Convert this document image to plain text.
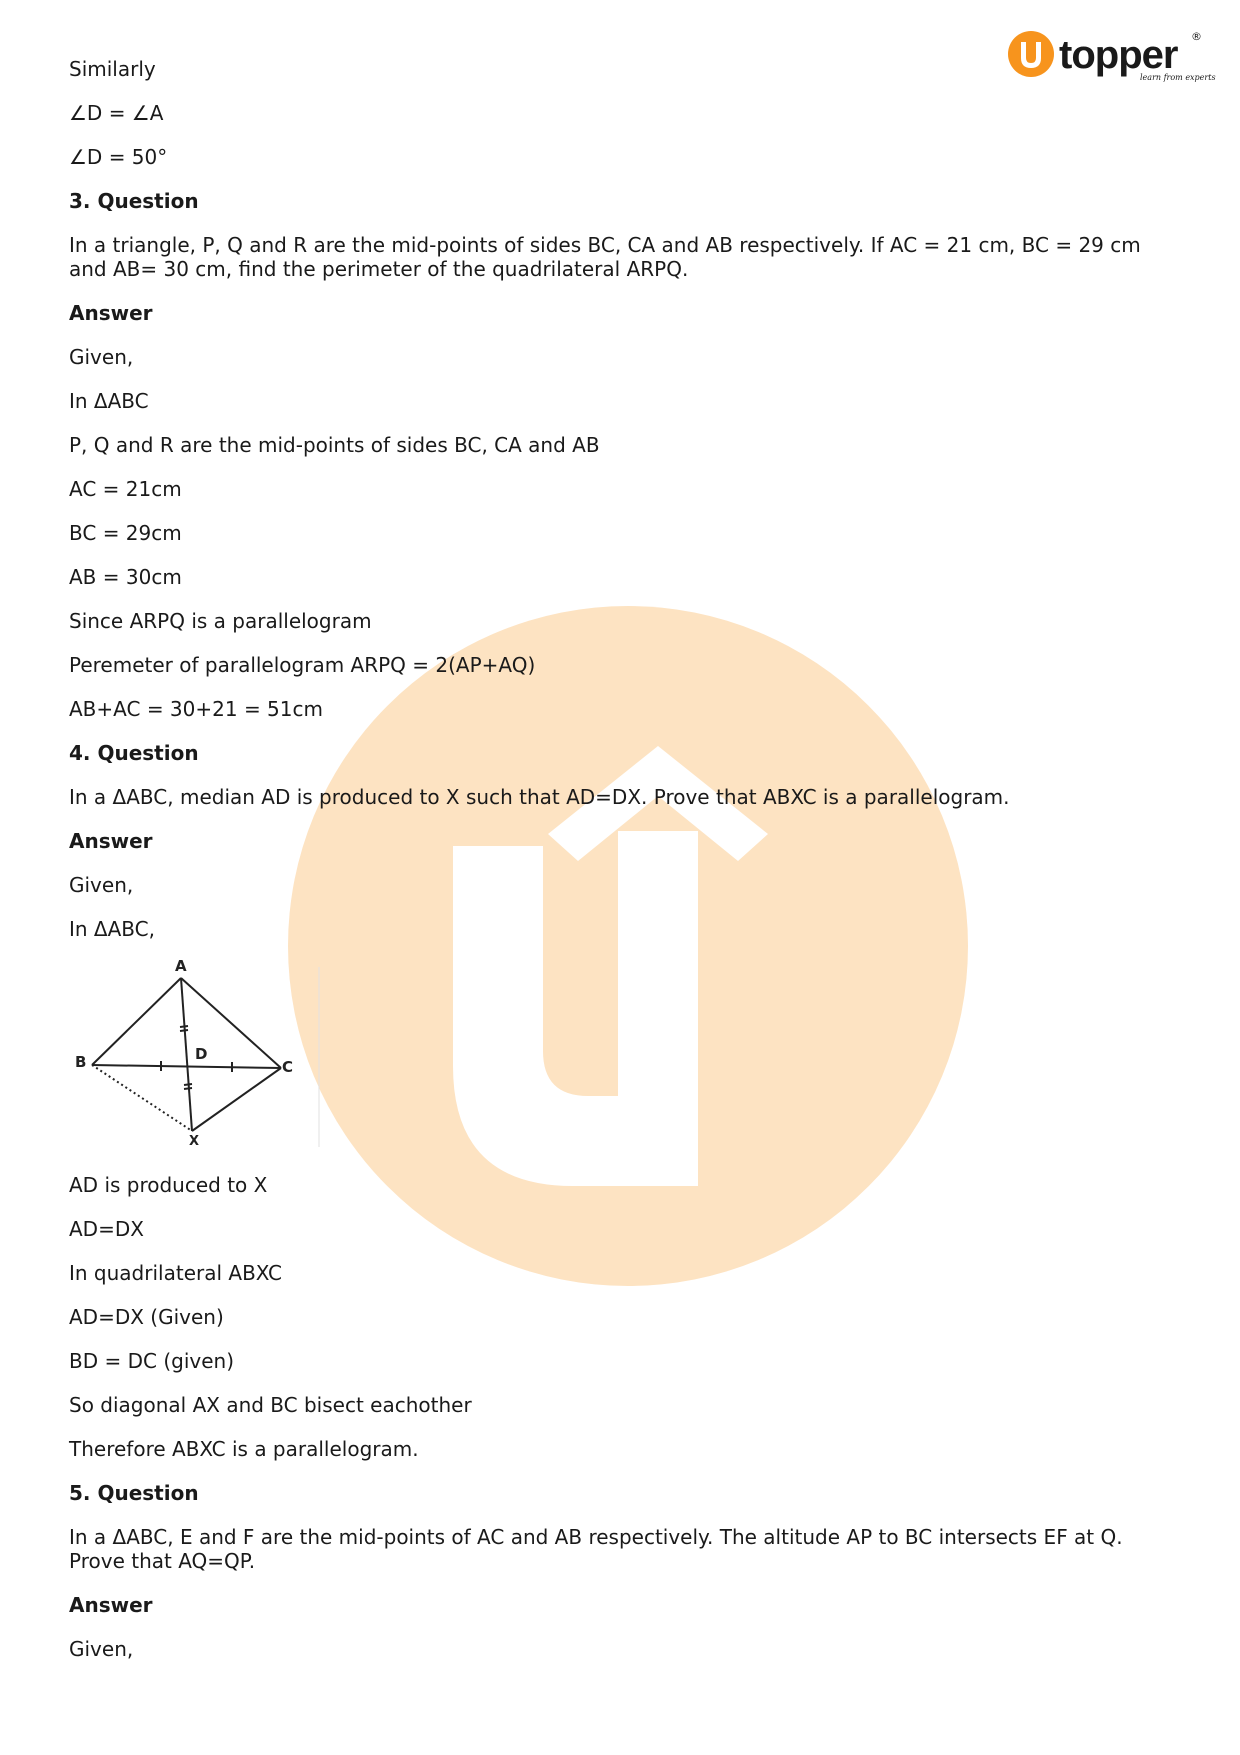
topper ®
learn from experts

Similarly

∠D = ∠A

∠D = 50°

3. Question

In a triangle, P, Q and R are the mid-points of sides BC, CA and AB respectively. If AC = 21 cm, BC = 29 cm and AB= 30 cm, find the perimeter of the quadrilateral ARPQ.

Answer

Given,

In ΔABC

P, Q and R are the mid-points of sides BC, CA and AB

AC = 21cm

BC = 29cm

AB = 30cm

Since ARPQ is a parallelogram

Peremeter of parallelogram ARPQ = 2(AP+AQ)

AB+AC = 30+21 = 51cm

4. Question

In a ΔABC, median AD is produced to X such that AD=DX. Prove that ABXC is a parallelogram.

Answer

Given,

In ΔABC,

A
B	C
D
X

AD is produced to X

AD=DX

In quadrilateral ABXC

AD=DX (Given)

BD = DC (given)

So diagonal AX and BC bisect eachother

Therefore ABXC is a parallelogram.

5. Question

In a ΔABC, E and F are the mid-points of AC and AB respectively. The altitude AP to BC intersects EF at Q. Prove that AQ=QP.

Answer

Given,
